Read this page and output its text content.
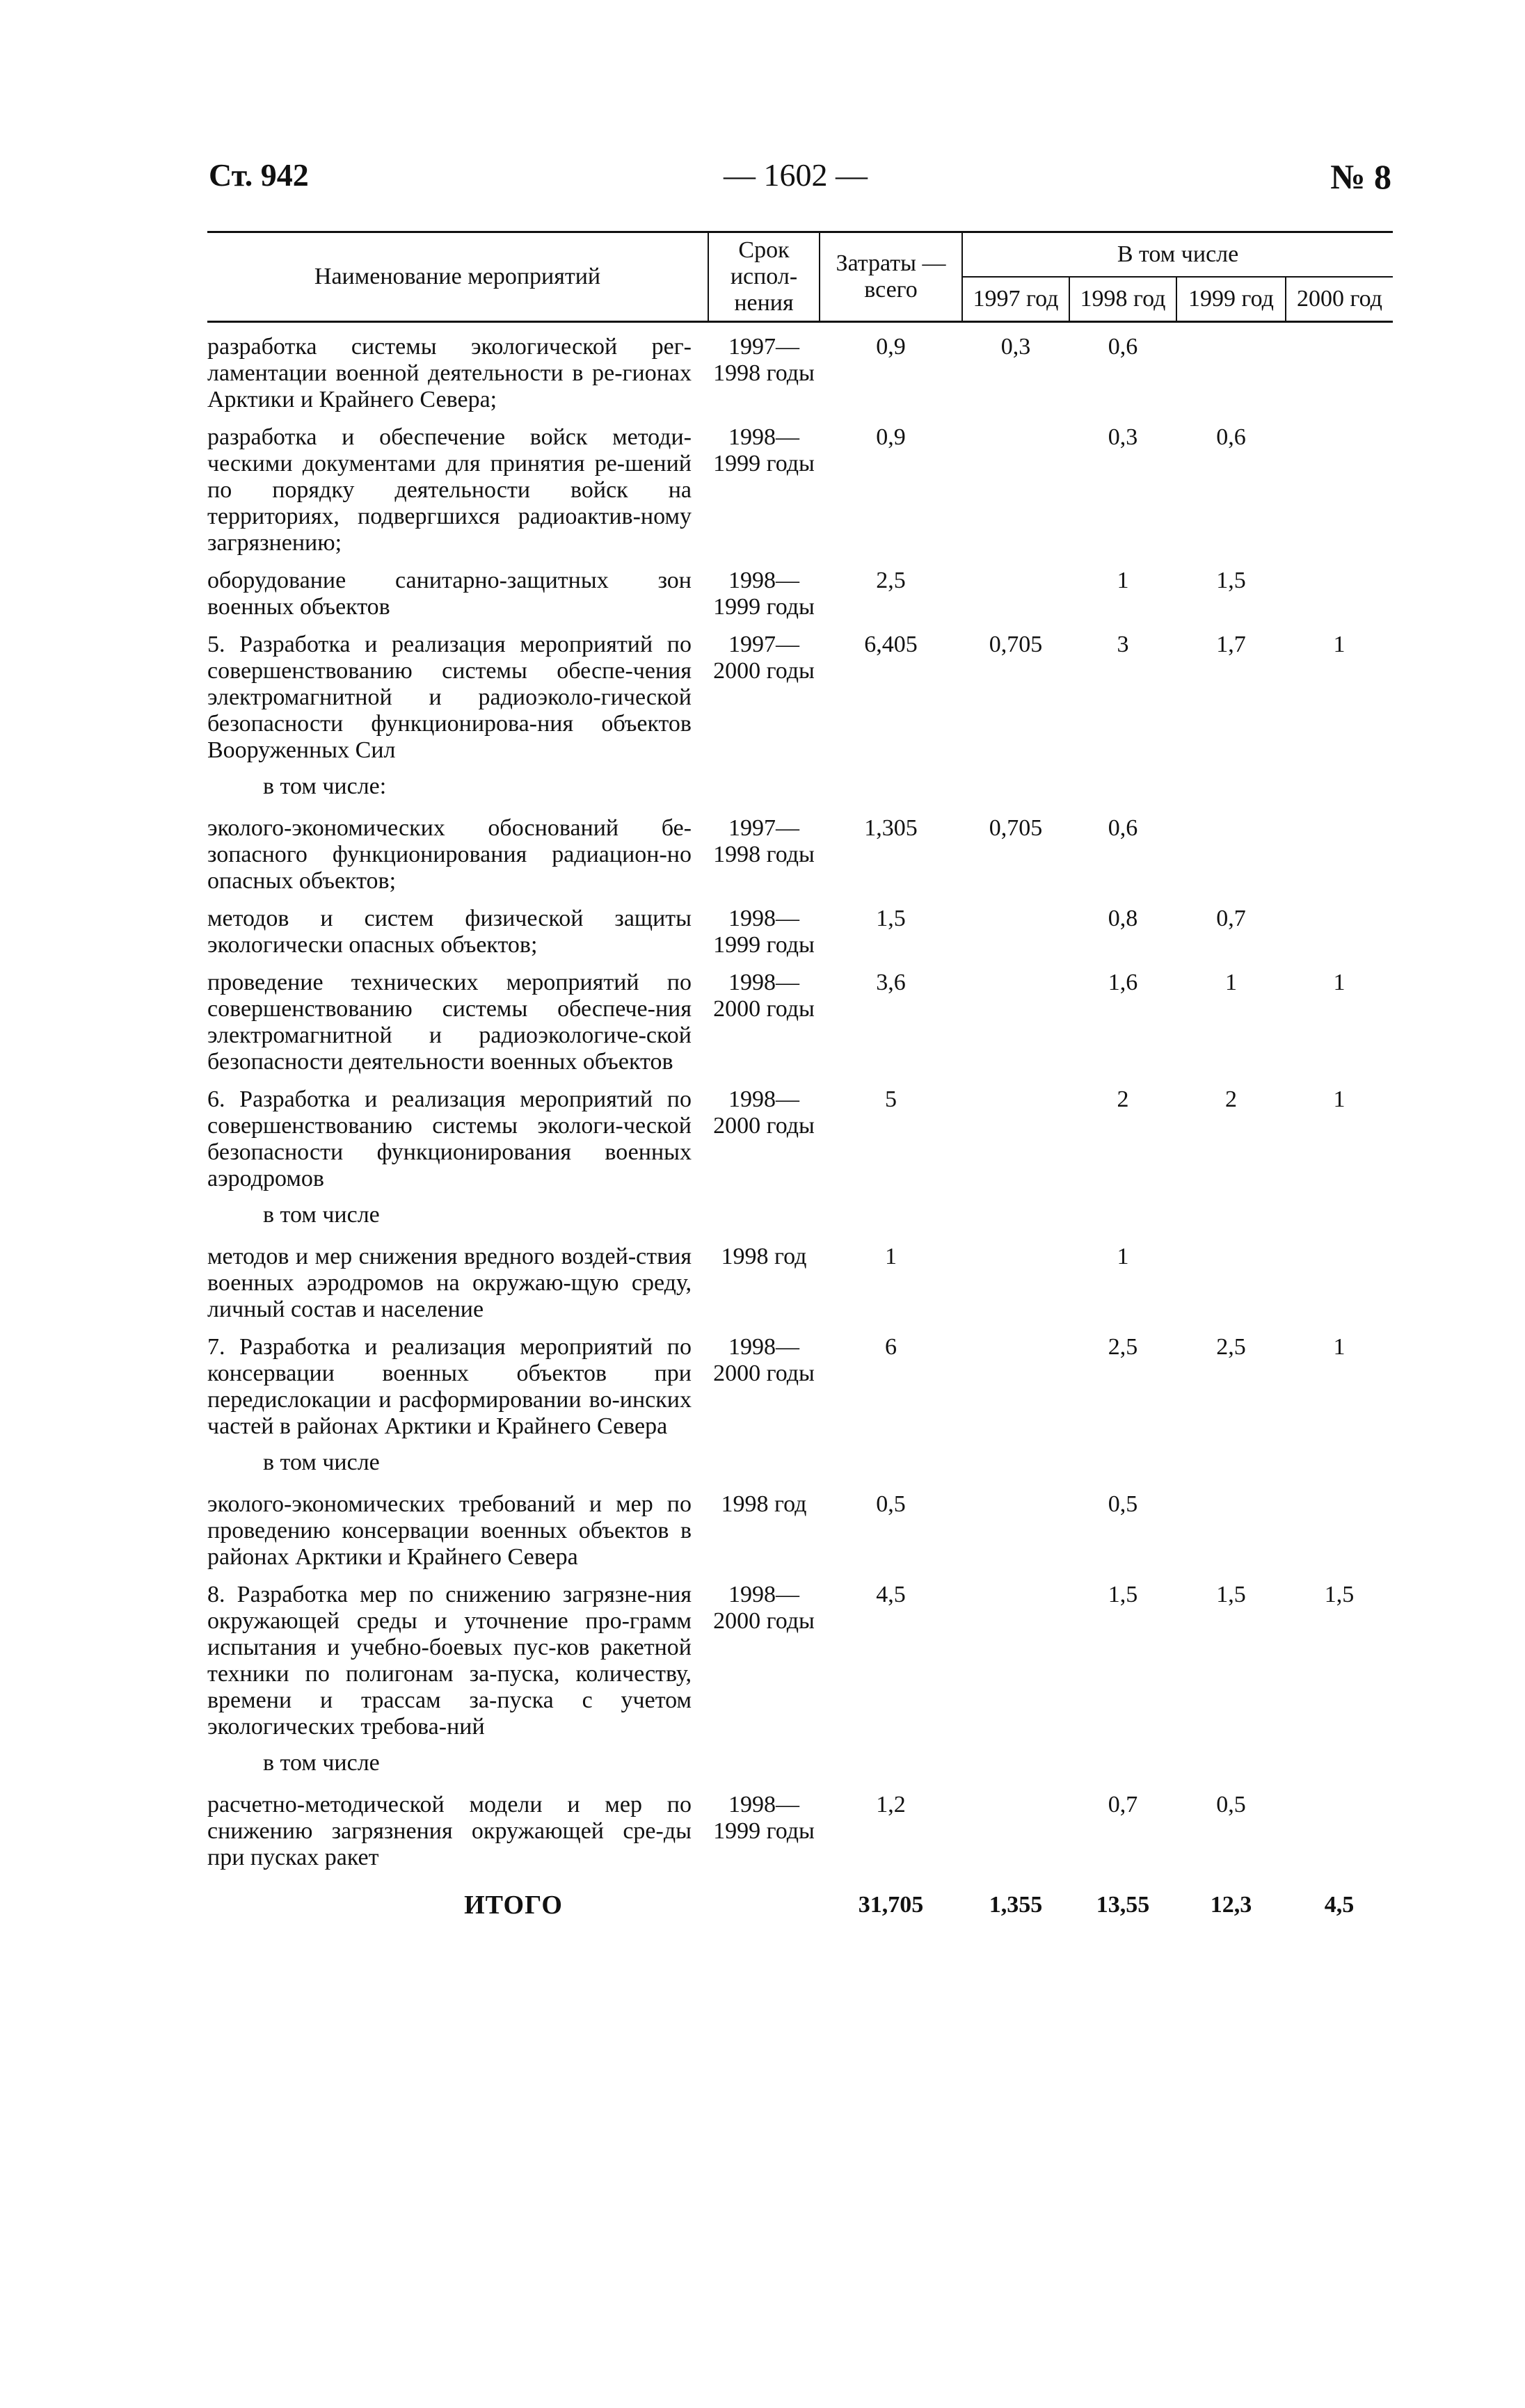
Ст. 942	— 1602 —	№ 8
Наименование мероприятий	Срок испол-нения	Затраты — всего	В том числе			
			1997 год	1998 год	1999 год	2000 год
разработка системы экологической рег-ламентации военной деятельности в ре-гионах Арктики и Крайнего Севера;	1997—1998 годы	0,9	0,3	0,6		
разработка и обеспечение войск методи-ческими документами для принятия ре-шений по порядку деятельности войск на территориях, подвергшихся радиоактив-ному загрязнению;	1998—1999 годы	0,9		0,3	0,6	
оборудование санитарно-защитных зон военных объектов	1998—1999 годы	2,5		1	1,5	
5. Разработка и реализация мероприятий по совершенствованию системы обеспе-чения электромагнитной и радиоэколо-гической безопасности функционирова-ния объектов Вооруженных Сил	1997—2000 годы	6,405	0,705	3	1,7	1
в том числе:						
эколого-экономических обоснований бе-зопасного функционирования радиацион-но опасных объектов;	1997—1998 годы	1,305	0,705	0,6		
методов и систем физической защиты экологически опасных объектов;	1998—1999 годы	1,5		0,8	0,7	
проведение технических мероприятий по совершенствованию системы обеспече-ния электромагнитной и радиоэкологиче-ской безопасности деятельности военных объектов	1998—2000 годы	3,6		1,6	1	1
6. Разработка и реализация мероприятий по совершенствованию системы экологи-ческой безопасности функционирования военных аэродромов	1998—2000 годы	5		2	2	1
в том числе						
методов и мер снижения вредного воздей-ствия военных аэродромов на окружаю-щую среду, личный состав и население	1998 год	1		1		
7. Разработка и реализация мероприятий по консервации военных объектов при передислокации и расформировании во-инских частей в районах Арктики и Крайнего Севера	1998—2000 годы	6		2,5	2,5	1
в том числе						
эколого-экономических требований и мер по проведению консервации военных объектов в районах Арктики и Крайнего Севера	1998 год	0,5		0,5		
8. Разработка мер по снижению загрязне-ния окружающей среды и уточнение про-грамм испытания и учебно-боевых пус-ков ракетной техники по полигонам за-пуска, количеству, времени и трассам за-пуска с учетом экологических требова-ний	1998—2000 годы	4,5		1,5	1,5	1,5
в том числе						
расчетно-методической модели и мер по снижению загрязнения окружающей сре-ды при пусках ракет	1998—1999 годы	1,2		0,7	0,5	
ИТОГО		31,705	1,355	13,55	12,3	4,5
